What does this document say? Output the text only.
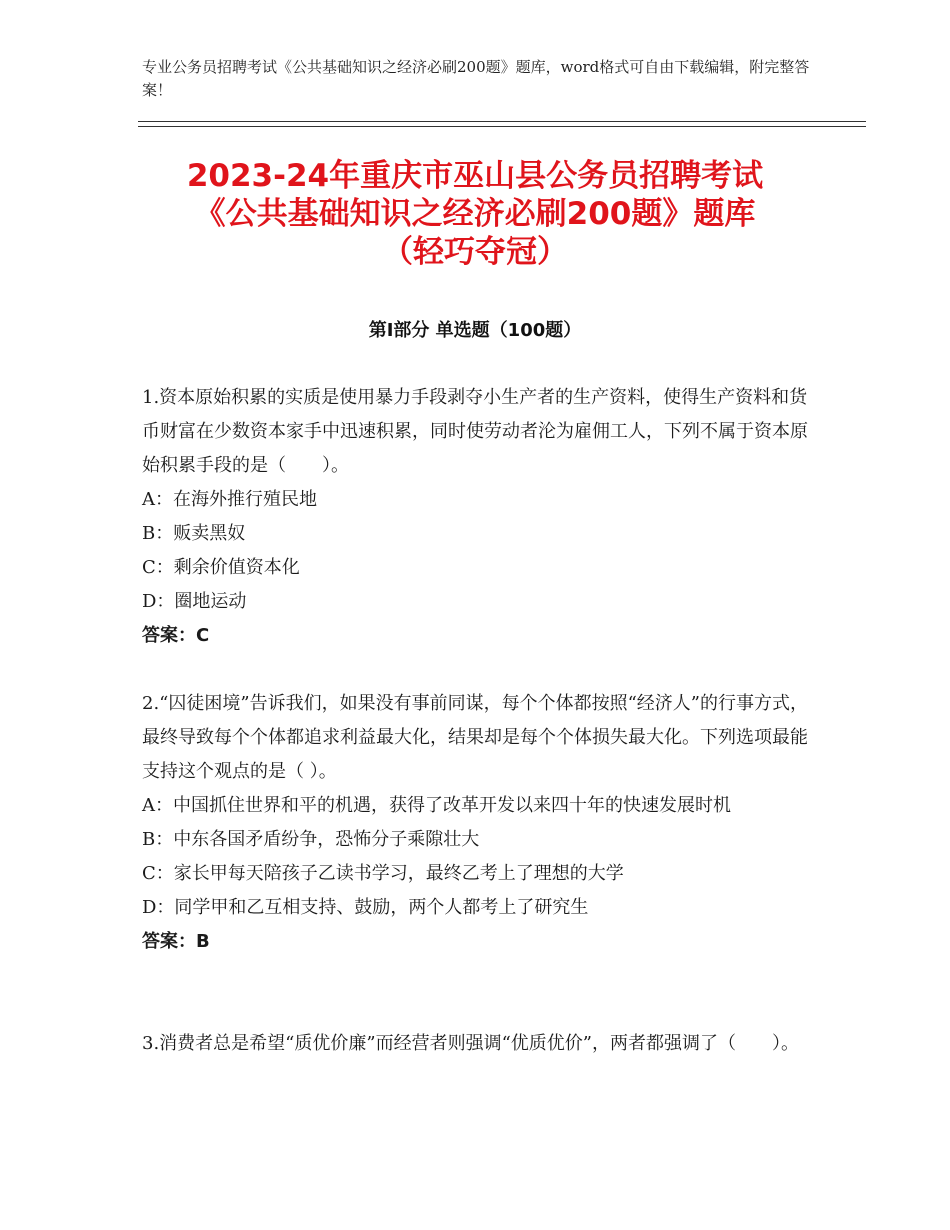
专业公务员招聘考试《公共基础知识之经济必刷200题》题库，word格式可自由下载编辑，附完整答案！
2023-24年重庆市巫山县公务员招聘考试
《公共基础知识之经济必刷200题》题库
（轻巧夺冠）
第Ⅰ部分 单选题（100题）

1.资本原始积累的实质是使用暴力手段剥夺小生产者的生产资料，使得生产资料和货币财富在少数资本家手中迅速积累，同时使劳动者沦为雇佣工人，下列不属于资本原始积累手段的是（　　）。

A：在海外推行殖民地

B：贩卖黑奴

C：剩余价值资本化

D：圈地运动

答案：C

2.“囚徒困境”告诉我们，如果没有事前同谋，每个个体都按照“经济人”的行事方式，最终导致每个个体都追求利益最大化，结果却是每个个体损失最大化。下列选项最能支持这个观点的是（ ）。

A：中国抓住世界和平的机遇，获得了改革开发以来四十年的快速发展时机

B：中东各国矛盾纷争，恐怖分子乘隙壮大

C：家长甲每天陪孩子乙读书学习，最终乙考上了理想的大学

D：同学甲和乙互相支持、鼓励，两个人都考上了研究生

答案：B

3.消费者总是希望“质优价廉”而经营者则强调“优质优价”，两者都强调了（　　）。
